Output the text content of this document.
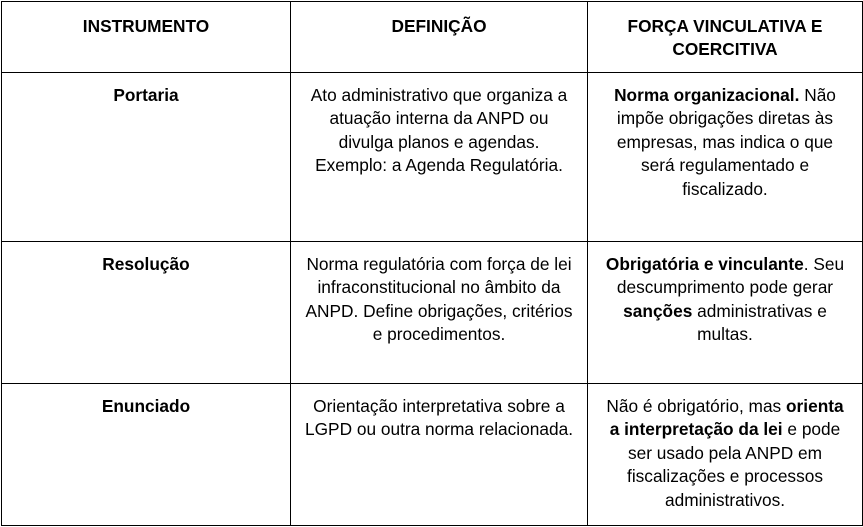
INSTRUMENTO	DEFINIÇÃO	FORÇA VINCULATIVA E COERCITIVA
Portaria	Ato administrativo que organiza a atuação interna da ANPD ou divulga planos e agendas. Exemplo: a Agenda Regulatória.	Norma organizacional. Não impõe obrigações diretas às empresas, mas indica o que será regulamentado e fiscalizado.
Resolução	Norma regulatória com força de lei infraconstitucional no âmbito da ANPD. Define obrigações, critérios e procedimentos.	Obrigatória e vinculante. Seu descumprimento pode gerar sanções administrativas e multas.
Enunciado	Orientação interpretativa sobre a LGPD ou outra norma relacionada.	Não é obrigatório, mas orienta a interpretação da lei e pode ser usado pela ANPD em fiscalizações e processos administrativos.
